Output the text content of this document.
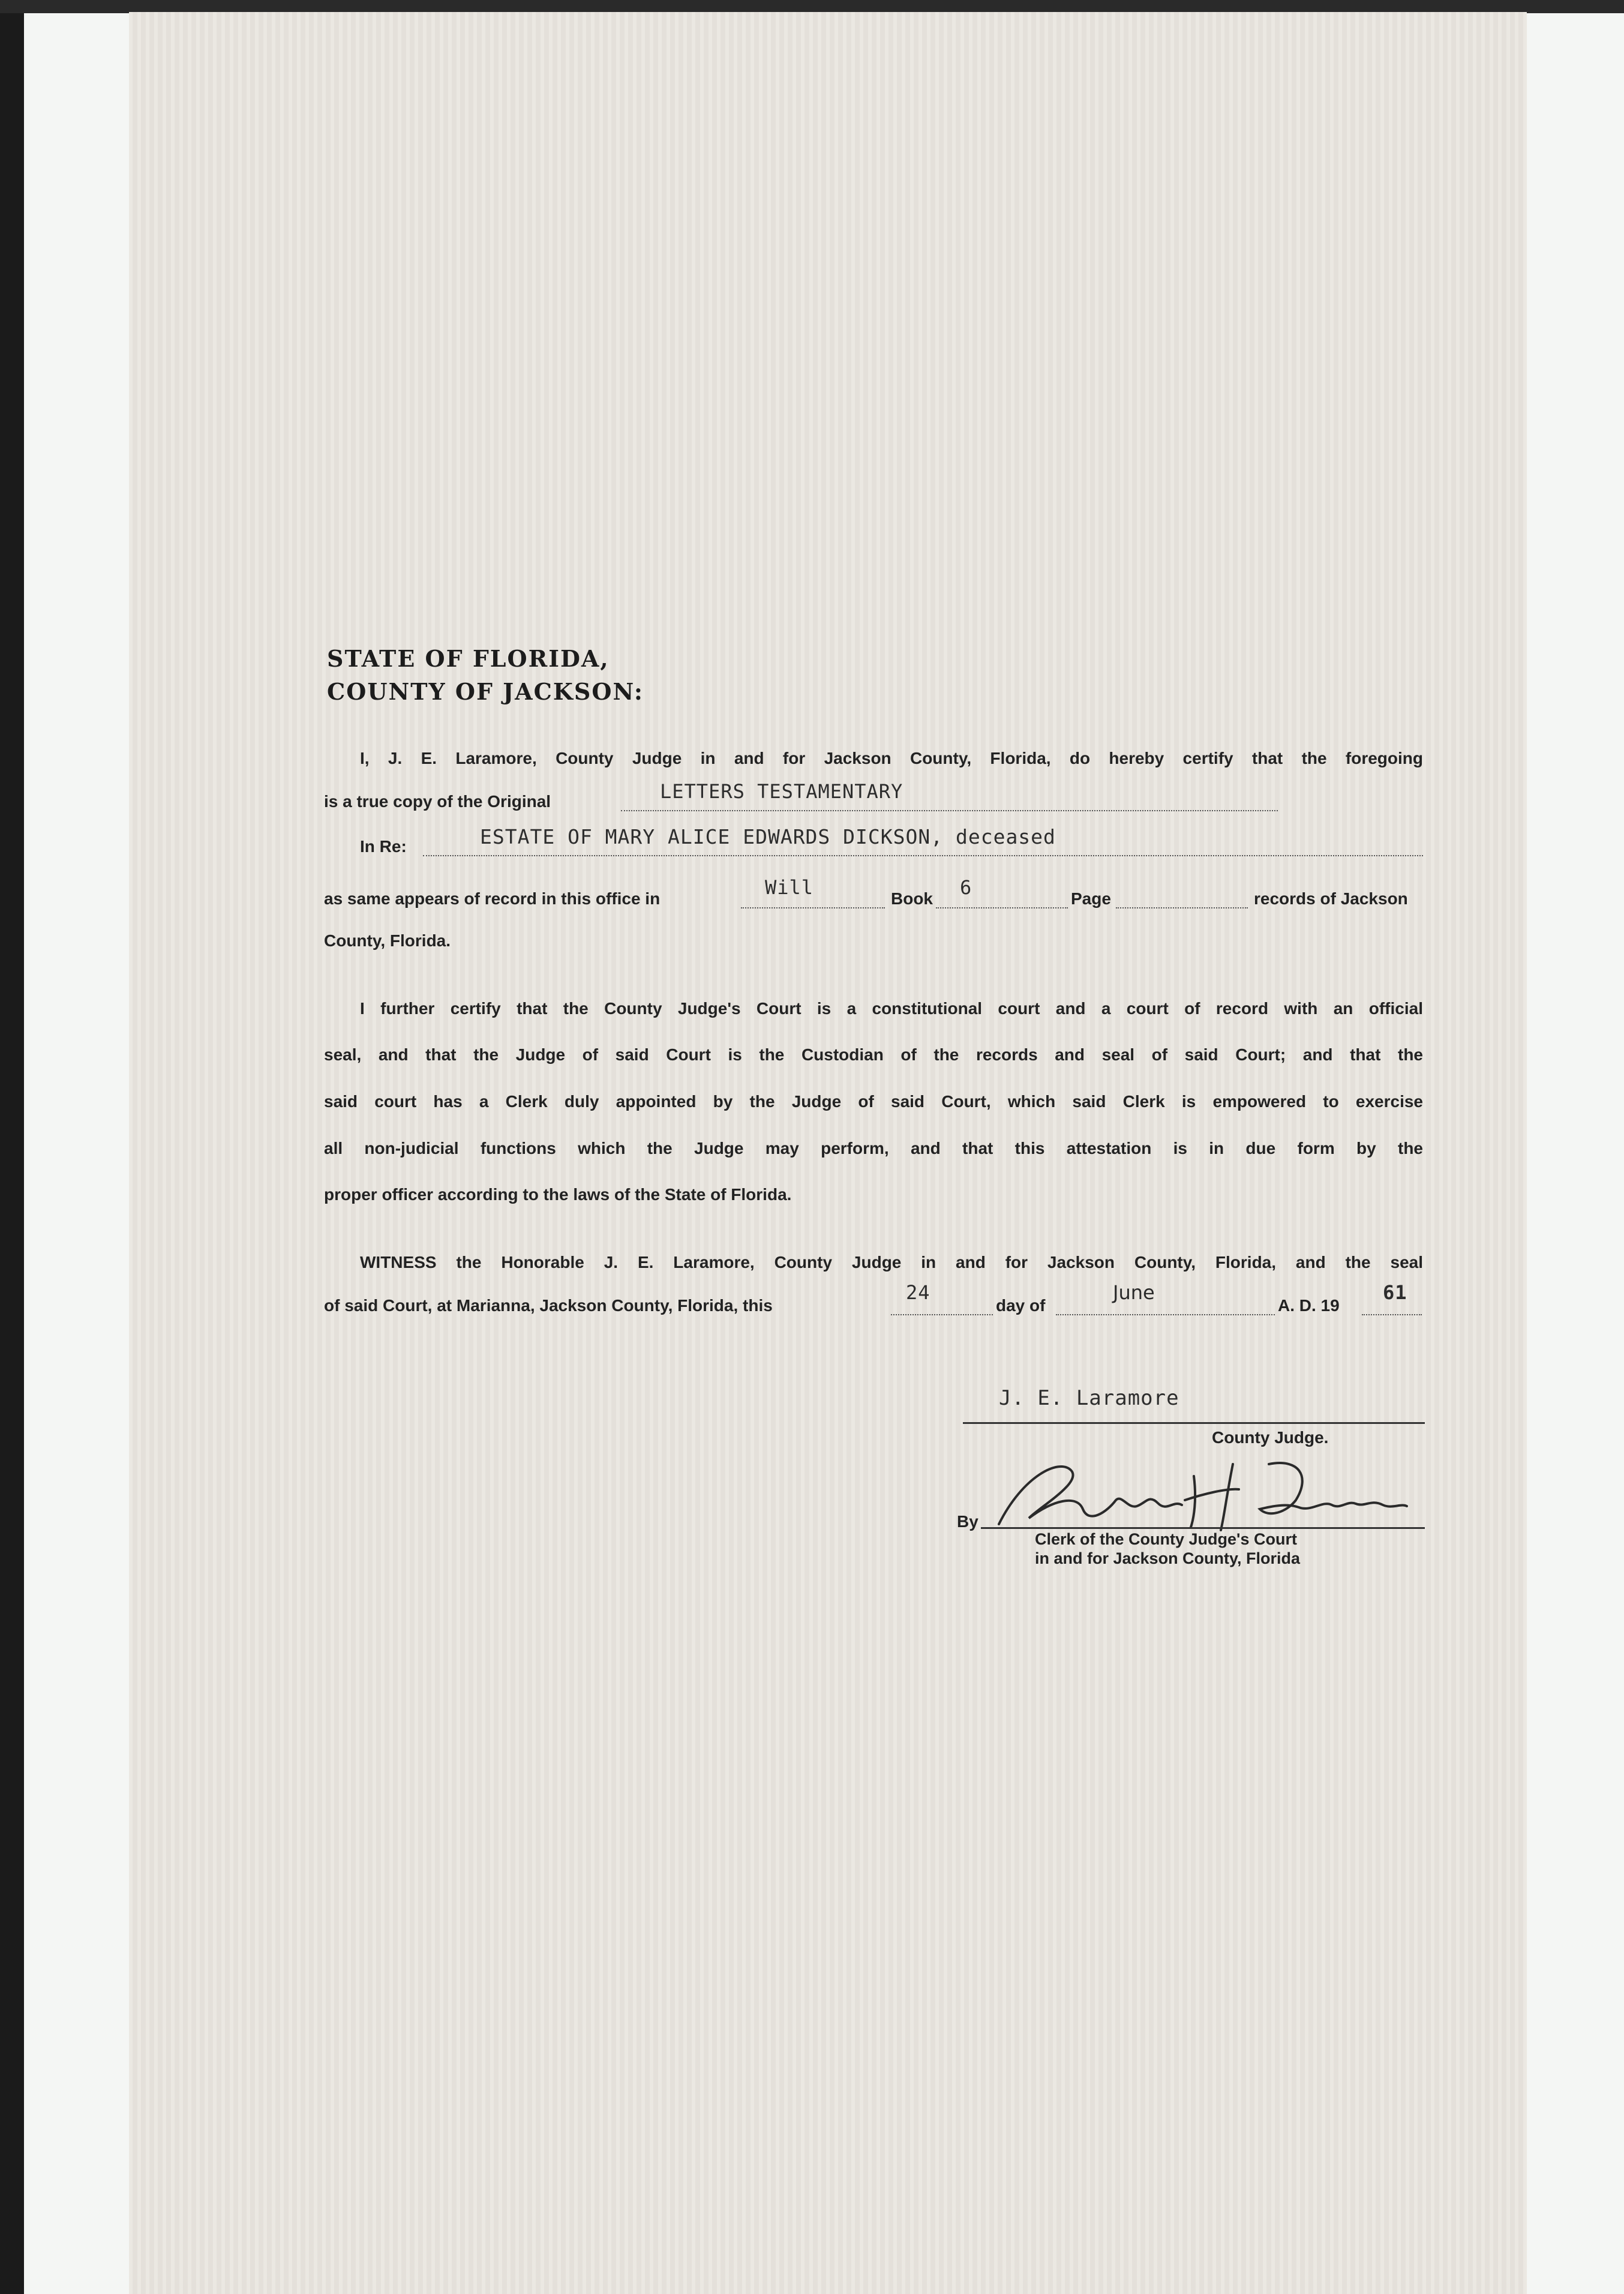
STATE OF FLORIDA,
COUNTY OF JACKSON:
I, J. E. Laramore, County Judge in and for Jackson County, Florida, do hereby certify that the foregoing
is a true copy of the Original	LETTERS TESTAMENTARY
In Re:	ESTATE OF MARY ALICE EDWARDS DICKSON, deceased
as same appears of record in this office in	Will	Book 6	Page	records of Jackson
County, Florida.
I further certify that the County Judge's Court is a constitutional court and a court of record with an official
seal, and that the Judge of said Court is the Custodian of the records and seal of said Court; and that the
said court has a Clerk duly appointed by the Judge of said Court, which said Clerk is empowered to exercise
all non-judicial functions which the Judge may perform, and that this attestation is in due form by the
proper officer according to the laws of the State of Florida.
WITNESS the Honorable J. E. Laramore, County Judge in and for Jackson County, Florida, and the seal
of said Court, at Marianna, Jackson County, Florida, this
24
day of
June
A. D. 19
61
J. E. Laramore
County Judge.
By
Clerk of the County Judge's Court
in and for Jackson County, Florida
